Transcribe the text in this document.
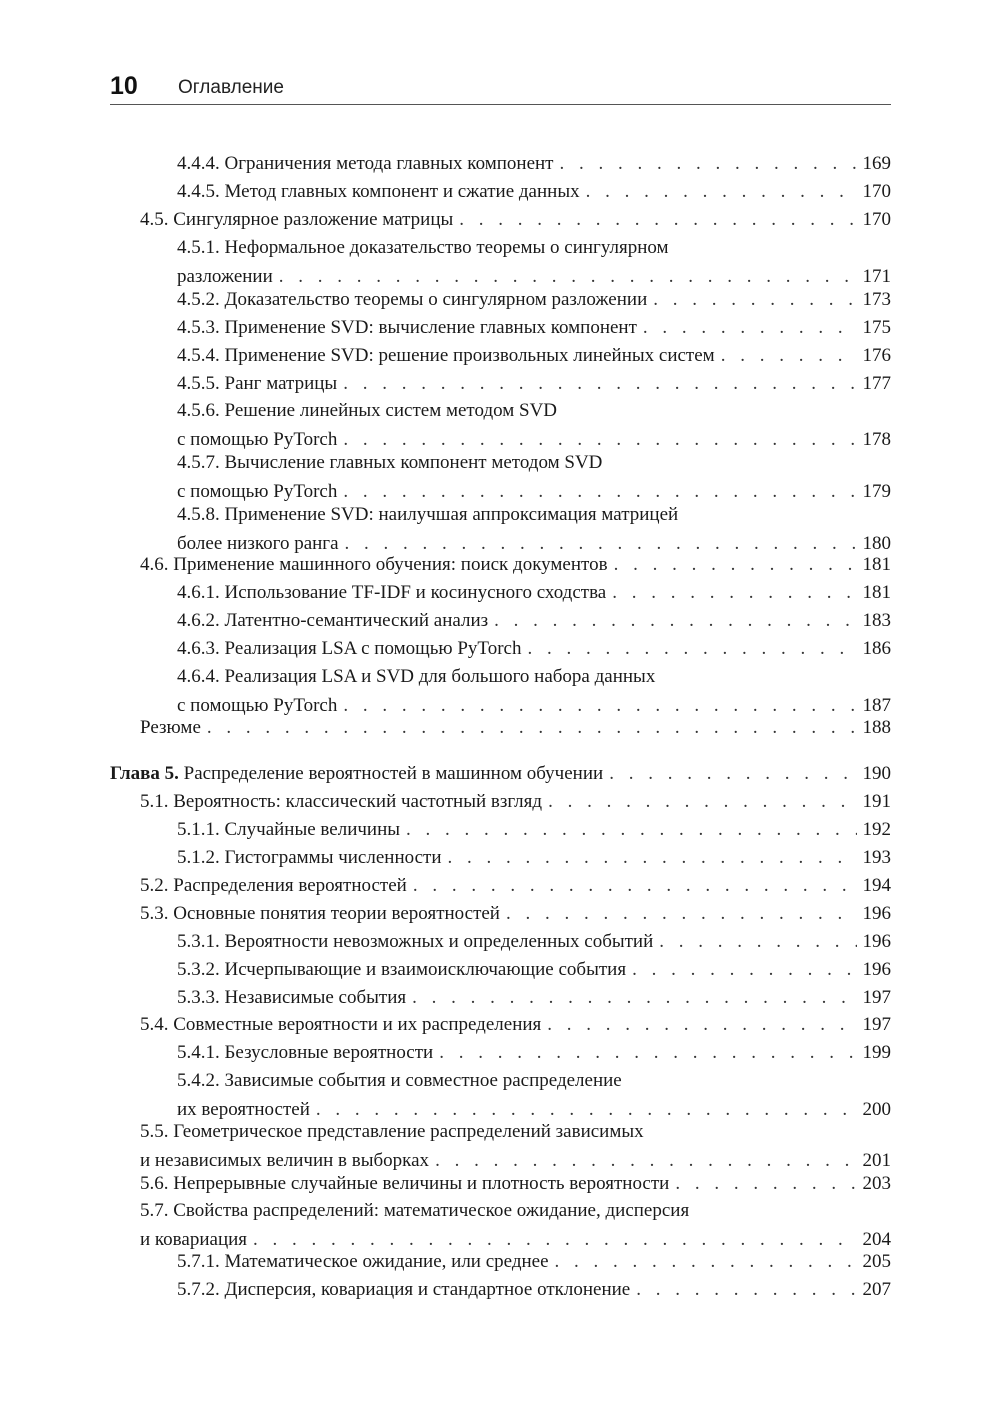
10 Оглавление
4.4.4. Ограничения метода главных компонент . . .	169
4.4.5. Метод главных компонент и сжатие данных . . .	170
4.5. Сингулярное разложение матрицы . . .	170
4.5.1. Неформальное доказательство теоремы о сингулярном
разложении . . .	171
4.5.2. Доказательство теоремы о сингулярном разложении . . .	173
4.5.3. Применение SVD: вычисление главных компонент . . .	175
4.5.4. Применение SVD: решение произвольных линейных систем . . .	176
4.5.5. Ранг матрицы . . .	177
4.5.6. Решение линейных систем методом SVD
с помощью PyTorch . . .	178
4.5.7. Вычисление главных компонент методом SVD
с помощью PyTorch . . .	179
4.5.8. Применение SVD: наилучшая аппроксимация матрицей
более низкого ранга . . .	180
4.6. Применение машинного обучения: поиск документов . . .	181
4.6.1. Использование TF-IDF и косинусного сходства . . .	181
4.6.2. Латентно-семантический анализ . . .	183
4.6.3. Реализация LSA с помощью PyTorch . . .	186
4.6.4. Реализация LSA и SVD для большого набора данных
с помощью PyTorch . . .	187
Резюме . . .	188
Глава 5. Распределение вероятностей в машинном обучении . . .	190
5.1. Вероятность: классический частотный взгляд . . .	191
5.1.1. Случайные величины . . .	192
5.1.2. Гистограммы численности . . .	193
5.2. Распределения вероятностей . . .	194
5.3. Основные понятия теории вероятностей . . .	196
5.3.1. Вероятности невозможных и определенных событий . . .	196
5.3.2. Исчерпывающие и взаимоисключающие события . . .	196
5.3.3. Независимые события . . .	197
5.4. Совместные вероятности и их распределения . . .	197
5.4.1. Безусловные вероятности . . .	199
5.4.2. Зависимые события и совместное распределение
их вероятностей . . .	200
5.5. Геометрическое представление распределений зависимых
и независимых величин в выборках . . .	201
5.6. Непрерывные случайные величины и плотность вероятности . . .	203
5.7. Свойства распределений: математическое ожидание, дисперсия
и ковариация . . .	204
5.7.1. Математическое ожидание, или среднее . . .	205
5.7.2. Дисперсия, ковариация и стандартное отклонение . . .	207
